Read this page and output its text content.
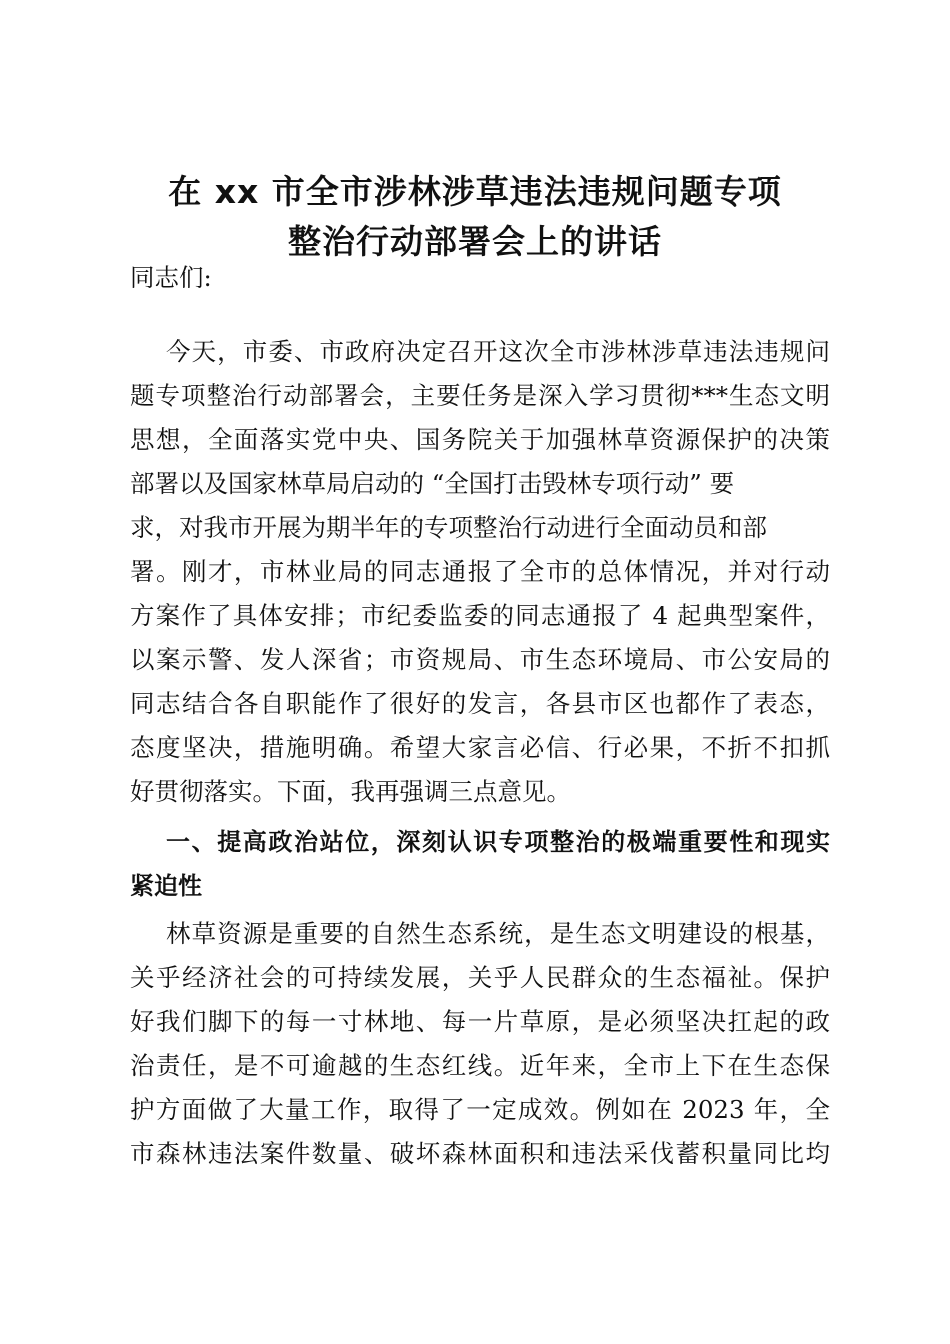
在 xx 市全市涉林涉草违法违规问题专项
整治行动部署会上的讲话

同志们:

今天，市委、市政府决定召开这次全市涉林涉草违法违规问

题专项整治行动部署会，主要任务是深入学习贯彻***生态文明

思想，全面落实党中央、国务院关于加强林草资源保护的决策

部署以及国家林草局启动的 “全国打击毁林专项行动” 要

求，对我市开展为期半年的专项整治行动进行全面动员和部

署。刚才，市林业局的同志通报了全市的总体情况，并对行动

方案作了具体安排；市纪委监委的同志通报了 4 起典型案件，

以案示警、发人深省；市资规局、市生态环境局、市公安局的

同志结合各自职能作了很好的发言，各县市区也都作了表态，

态度坚决，措施明确。希望大家言必信、行必果，不折不扣抓

好贯彻落实。下面，我再强调三点意见。

一、提高政治站位，深刻认识专项整治的极端重要性和现实

紧迫性

林草资源是重要的自然生态系统，是生态文明建设的根基，

关乎经济社会的可持续发展，关乎人民群众的生态福祉。保护

好我们脚下的每一寸林地、每一片草原，是必须坚决扛起的政

治责任，是不可逾越的生态红线。近年来，全市上下在生态保

护方面做了大量工作，取得了一定成效。例如在 2023 年，全

市森林违法案件数量、破坏森林面积和违法采伐蓄积量同比均
